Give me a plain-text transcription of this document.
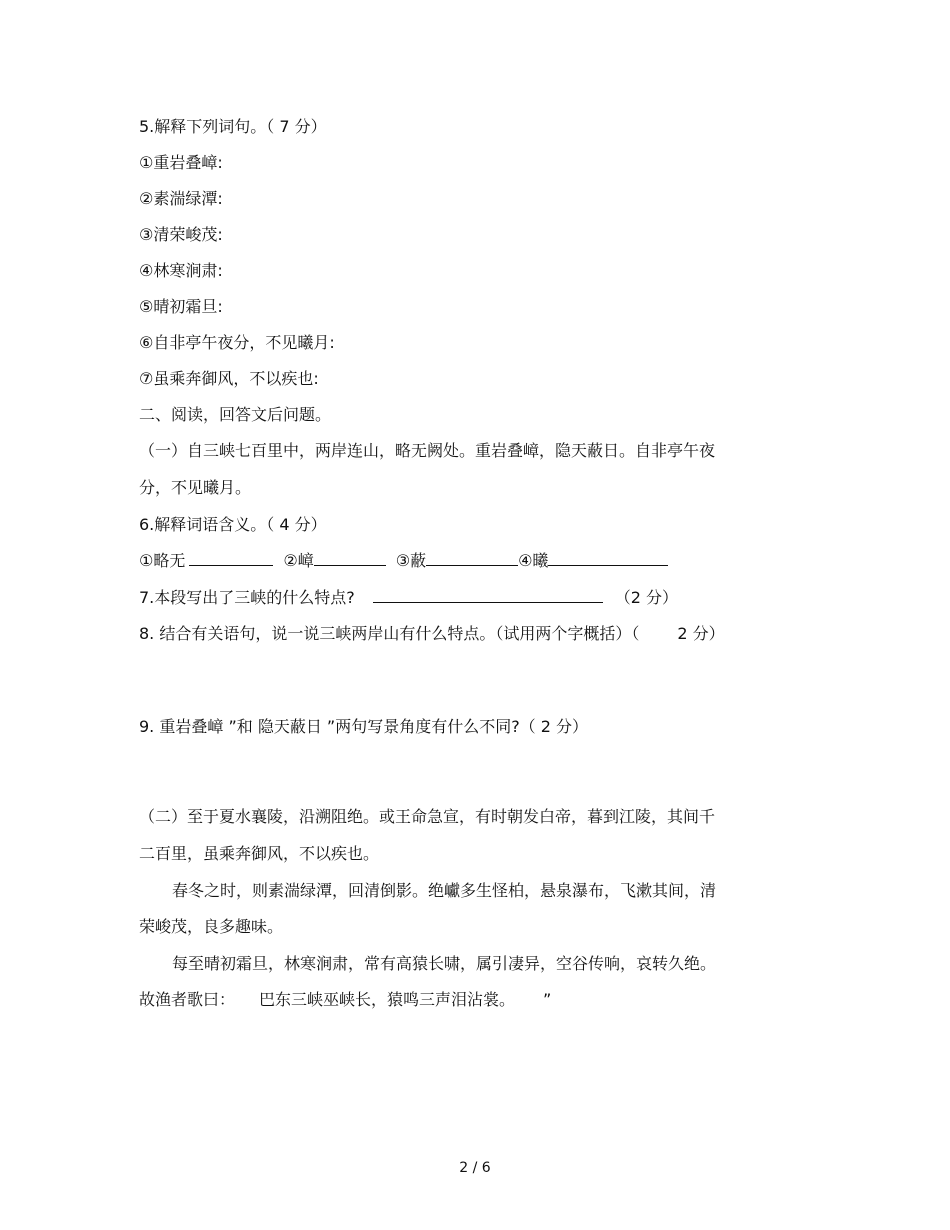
5.解释下列词句。（ 7 分）
①重岩叠嶂:
②素湍绿潭:
③清荣峻茂:
④林寒涧肃:
⑤晴初霜旦:
⑥自非亭午夜分，不见曦月:
⑦虽乘奔御风，不以疾也:
二、阅读，回答文后问题。
（一）自三峡七百里中，两岸连山，略无阙处。重岩叠嶂，隐天蔽日。自非亭午夜
分，不见曦月。
6.解释词语含义。（ 4 分）
①略无	②嶂	③蔽	④曦
7.本段写出了三峡的什么特点?	（2 分）
8. 结合有关语句，说一说三峡两岸山有什么特点。（试用两个字概括）（ 2 分）
9. 重岩叠嶂 ”和 隐天蔽日 ”两句写景角度有什么不同?（ 2 分）
（二）至于夏水襄陵，沿溯阻绝。或王命急宣，有时朝发白帝，暮到江陵，其间千
二百里，虽乘奔御风，不以疾也。
春冬之时，则素湍绿潭，回清倒影。绝巘多生怪柏，悬泉瀑布，飞漱其间，清
荣峻茂，良多趣味。
每至晴初霜旦，林寒涧肃，常有高猿长啸，属引凄异，空谷传响，哀转久绝。
故渔者歌曰： 巴东三峡巫峡长，猿鸣三声泪沾裳。 ”
2 / 6
